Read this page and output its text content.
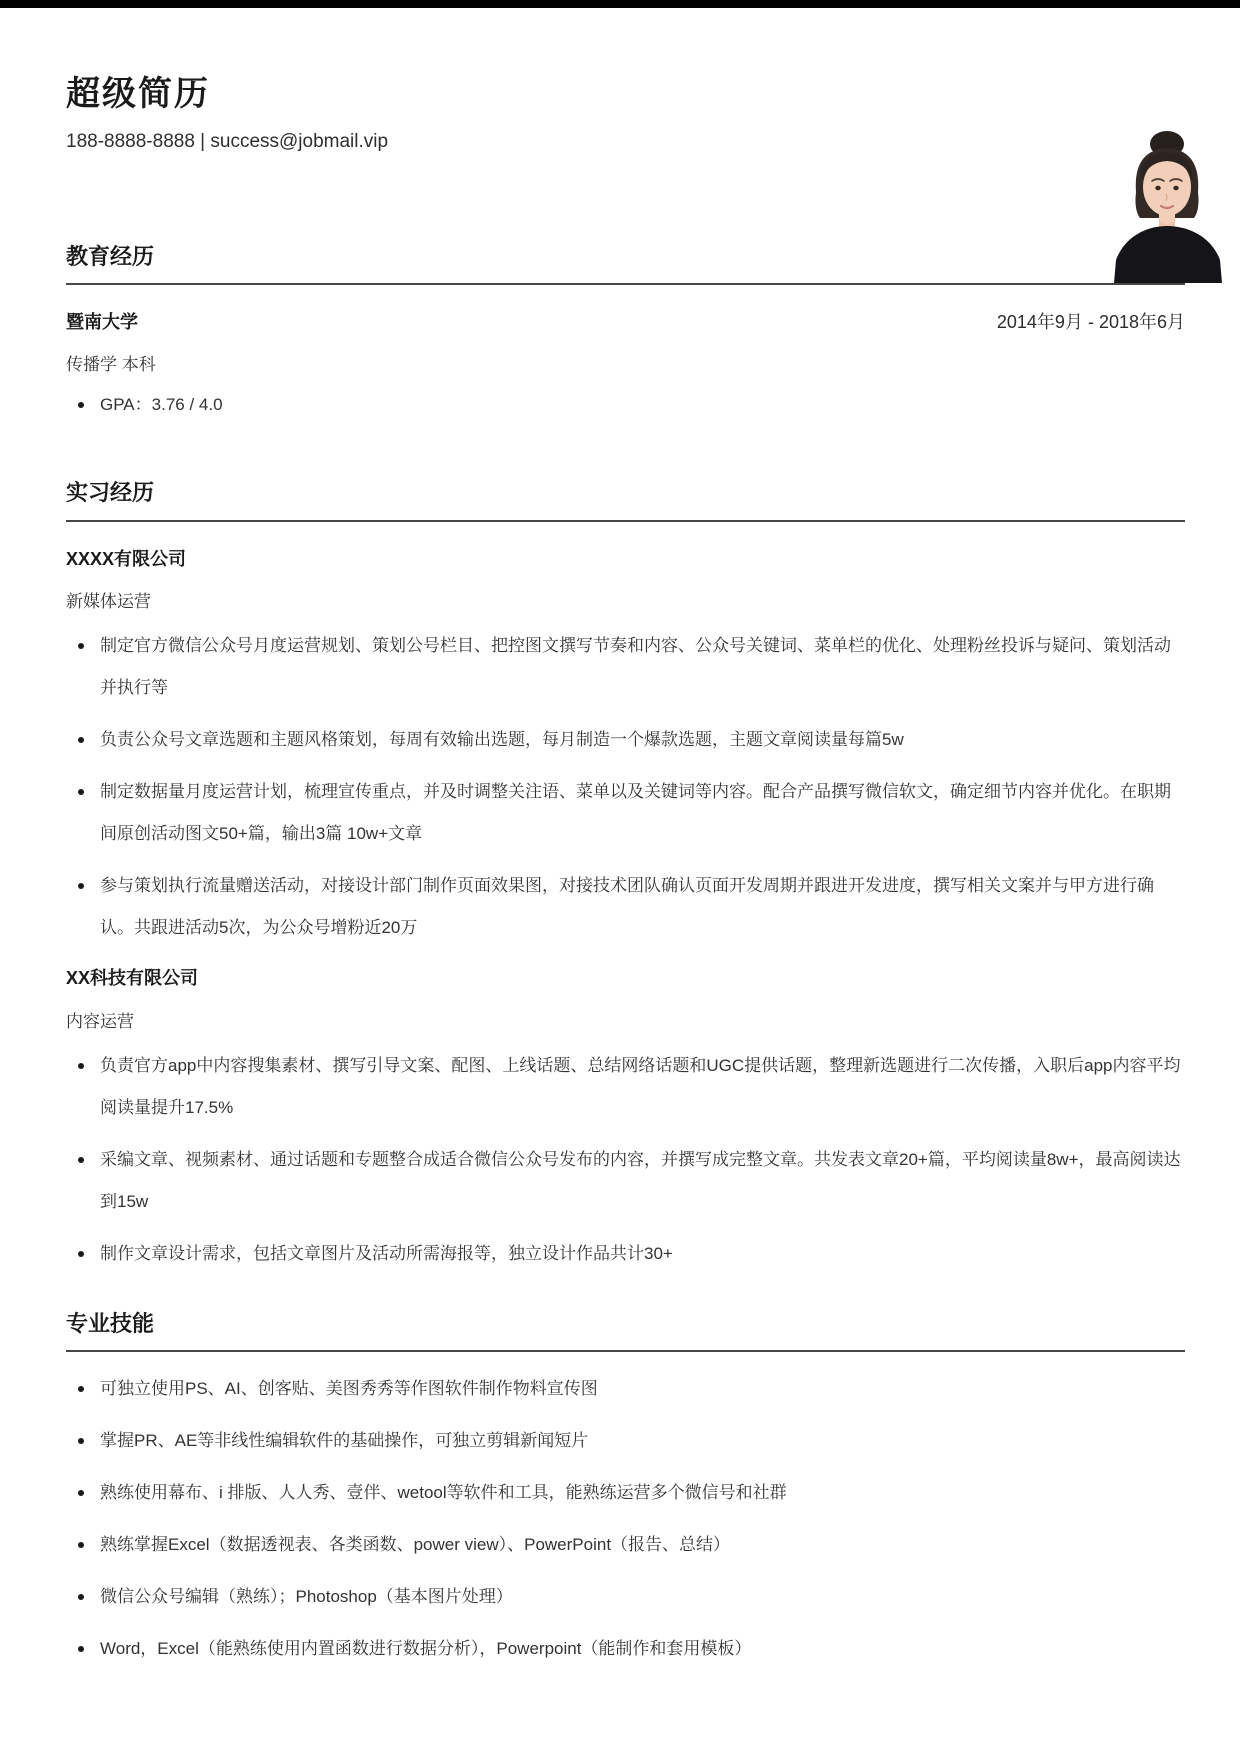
超级简历
188-8888-8888 | success@jobmail.vip
教育经历
暨南大学	2014年9月 - 2018年6月
传播学 本科
GPA：3.76 / 4.0
实习经历
XXXX有限公司
新媒体运营
制定官方微信公众号月度运营规划、策划公号栏目、把控图文撰写节奏和内容、公众号关键词、菜单栏的优化、处理粉丝投诉与疑问、策划活动并执行等
负责公众号文章选题和主题风格策划，每周有效输出选题，每月制造一个爆款选题，主题文章阅读量每篇5w
制定数据量月度运营计划，梳理宣传重点，并及时调整关注语、菜单以及关键词等内容。配合产品撰写微信软文，确定细节内容并优化。在职期间原创活动图文50+篇，输出3篇 10w+文章
参与策划执行流量赠送活动，对接设计部门制作页面效果图，对接技术团队确认页面开发周期并跟进开发进度，撰写相关文案并与甲方进行确认。共跟进活动5次，为公众号增粉近20万
XX科技有限公司
内容运营
负责官方app中内容搜集素材、撰写引导文案、配图、上线话题、总结网络话题和UGC提供话题，整理新选题进行二次传播，入职后app内容平均阅读量提升17.5%
采编文章、视频素材、通过话题和专题整合成适合微信公众号发布的内容，并撰写成完整文章。共发表文章20+篇，平均阅读量8w+，最高阅读达到15w
制作文章设计需求，包括文章图片及活动所需海报等，独立设计作品共计30+
专业技能
可独立使用PS、AI、创客贴、美图秀秀等作图软件制作物料宣传图
掌握PR、AE等非线性编辑软件的基础操作，可独立剪辑新闻短片
熟练使用幕布、i 排版、人人秀、壹伴、wetool等软件和工具，能熟练运营多个微信号和社群
熟练掌握Excel（数据透视表、各类函数、power view）、PowerPoint（报告、总结）
微信公众号编辑（熟练）；Photoshop（基本图片处理）
Word，Excel（能熟练使用内置函数进行数据分析），Powerpoint（能制作和套用模板）
